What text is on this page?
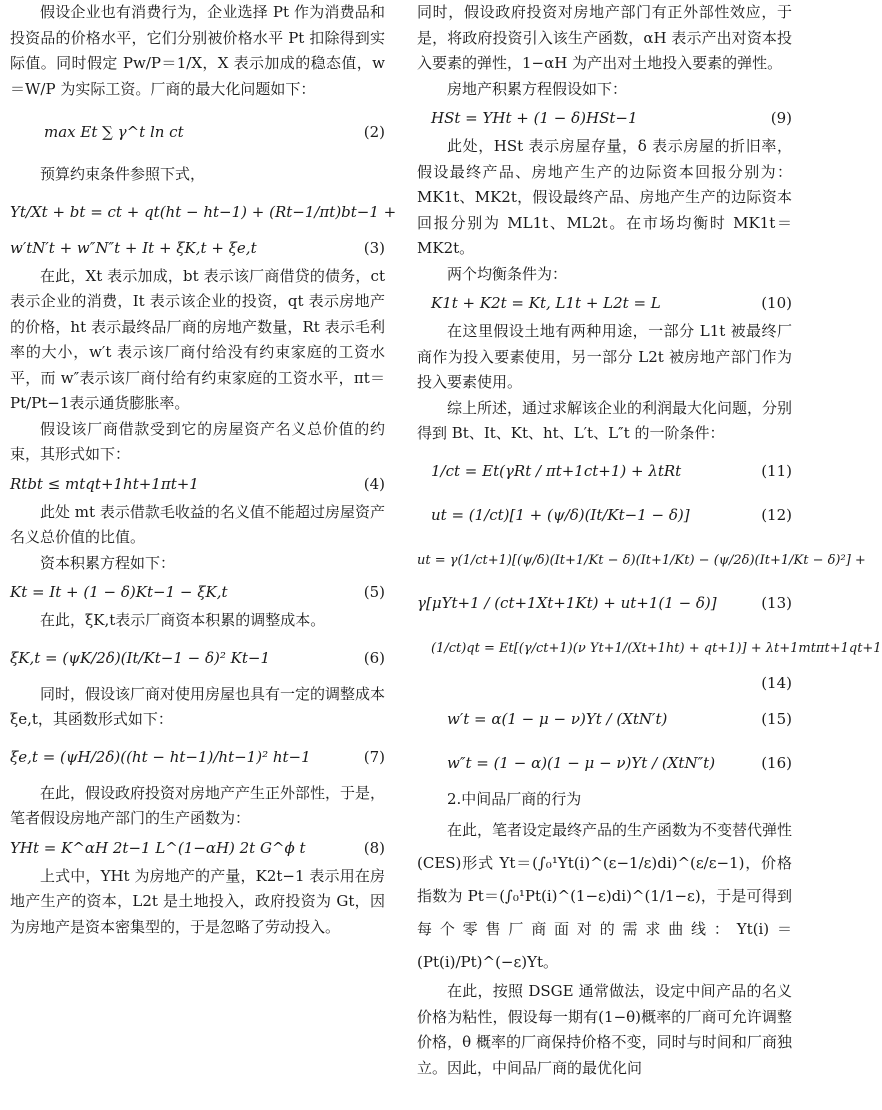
假设企业也有消费行为，企业选择 Pt 作为消费品和投资品的价格水平，它们分别被价格水平 Pt 扣除得到实际值。同时假定 Pw/P＝1/X，X 表示加成的稳态值，w＝W/P 为实际工资。厂商的最大化问题如下：

max Et ∑ γ^t ln ct	(2)

预算约束条件参照下式，

Yt/Xt + bt = ct + qt(ht − ht−1) + (Rt−1/πt)bt−1 +
w′tN′t + w″N″t + It + ξK,t + ξe,t	(3)

在此，Xt 表示加成，bt 表示该厂商借贷的债务，ct 表示企业的消费，It 表示该企业的投资，qt 表示房地产的价格，ht 表示最终品厂商的房地产数量，Rt 表示毛利率的大小，w′t 表示该厂商付给没有约束家庭的工资水平，而 w″表示该厂商付给有约束家庭的工资水平，πt＝Pt/Pt−1表示通货膨胀率。

假设该厂商借款受到它的房屋资产名义总价值的约束，其形式如下：

Rtbt ≤ mtqt+1ht+1πt+1	(4)

此处 mt 表示借款毛收益的名义值不能超过房屋资产名义总价值的比值。

资本积累方程如下：

Kt = It + (1 − δ)Kt−1 − ξK,t	(5)

在此，ξK,t表示厂商资本积累的调整成本。

ξK,t = (ψK/2δ)(It/Kt−1 − δ)² Kt−1	(6)

同时，假设该厂商对使用房屋也具有一定的调整成本 ξe,t，其函数形式如下：

ξe,t = (ψH/2δ)((ht − ht−1)/ht−1)² ht−1	(7)

在此，假设政府投资对房地产产生正外部性，于是，笔者假设房地产部门的生产函数为：

YHt = K^αH 2t−1 L^(1−αH) 2t G^ϕ t	(8)

上式中，YHt 为房地产的产量，K2t−1 表示用在房地产生产的资本，L2t 是土地投入，政府投资为 Gt，因为房地产是资本密集型的，于是忽略了劳动投入。

同时，假设政府投资对房地产部门有正外部性效应，于是，将政府投资引入该生产函数，αH 表示产出对资本投入要素的弹性，1−αH 为产出对土地投入要素的弹性。

房地产积累方程假设如下：

HSt = YHt + (1 − δ)HSt−1	(9)

此处，HSt 表示房屋存量，δ 表示房屋的折旧率，假设最终产品、房地产生产的边际资本回报分别为：MK1t、MK2t，假设最终产品、房地产生产的边际资本回报分别为 ML1t、ML2t。在市场均衡时 MK1t＝MK2t。

两个均衡条件为：

K1t + K2t = Kt, L1t + L2t = L	(10)

在这里假设土地有两种用途，一部分 L1t 被最终厂商作为投入要素使用，另一部分 L2t 被房地产部门作为投入要素使用。

综上所述，通过求解该企业的利润最大化问题，分别得到 Bt、It、Kt、ht、L′t、L″t 的一阶条件：

1/ct = Et(γRt / πt+1ct+1) + λtRt	(11)
ut = (1/ct)[1 + (ψ/δ)(It/Kt−1 − δ)]	(12)
ut = γ(1/ct+1)[(ψ/δ)(It+1/Kt − δ)(It+1/Kt) − (ψ/2δ)(It+1/Kt − δ)²] +
γ[μYt+1 / (ct+1Xt+1Kt) + ut+1(1 − δ)]	(13)
(1/ct)qt = Et[(γ/ct+1)(ν Yt+1/(Xt+1ht) + qt+1)] + λt+1mtπt+1qt+1

(14)

w′t = α(1 − μ − ν)Yt / (XtN′t)	(15)
w″t = (1 − α)(1 − μ − ν)Yt / (XtN″t)	(16)

2.中间品厂商的行为

在此，笔者设定最终产品的生产函数为不变替代弹性(CES)形式 Yt＝(∫₀¹Yt(i)^(ε−1/ε)di)^(ε/ε−1)，价格指数为 Pt＝(∫₀¹Pt(i)^(1−ε)di)^(1/1−ε)，于是可得到每个零售厂商面对的需求曲线：Yt(i)＝(Pt(i)/Pt)^(−ε)Yt。

在此，按照 DSGE 通常做法，设定中间产品的名义价格为粘性，假设每一期有(1−θ)概率的厂商可允许调整价格，θ 概率的厂商保持价格不变，同时与时间和厂商独立。因此，中间品厂商的最优化问
